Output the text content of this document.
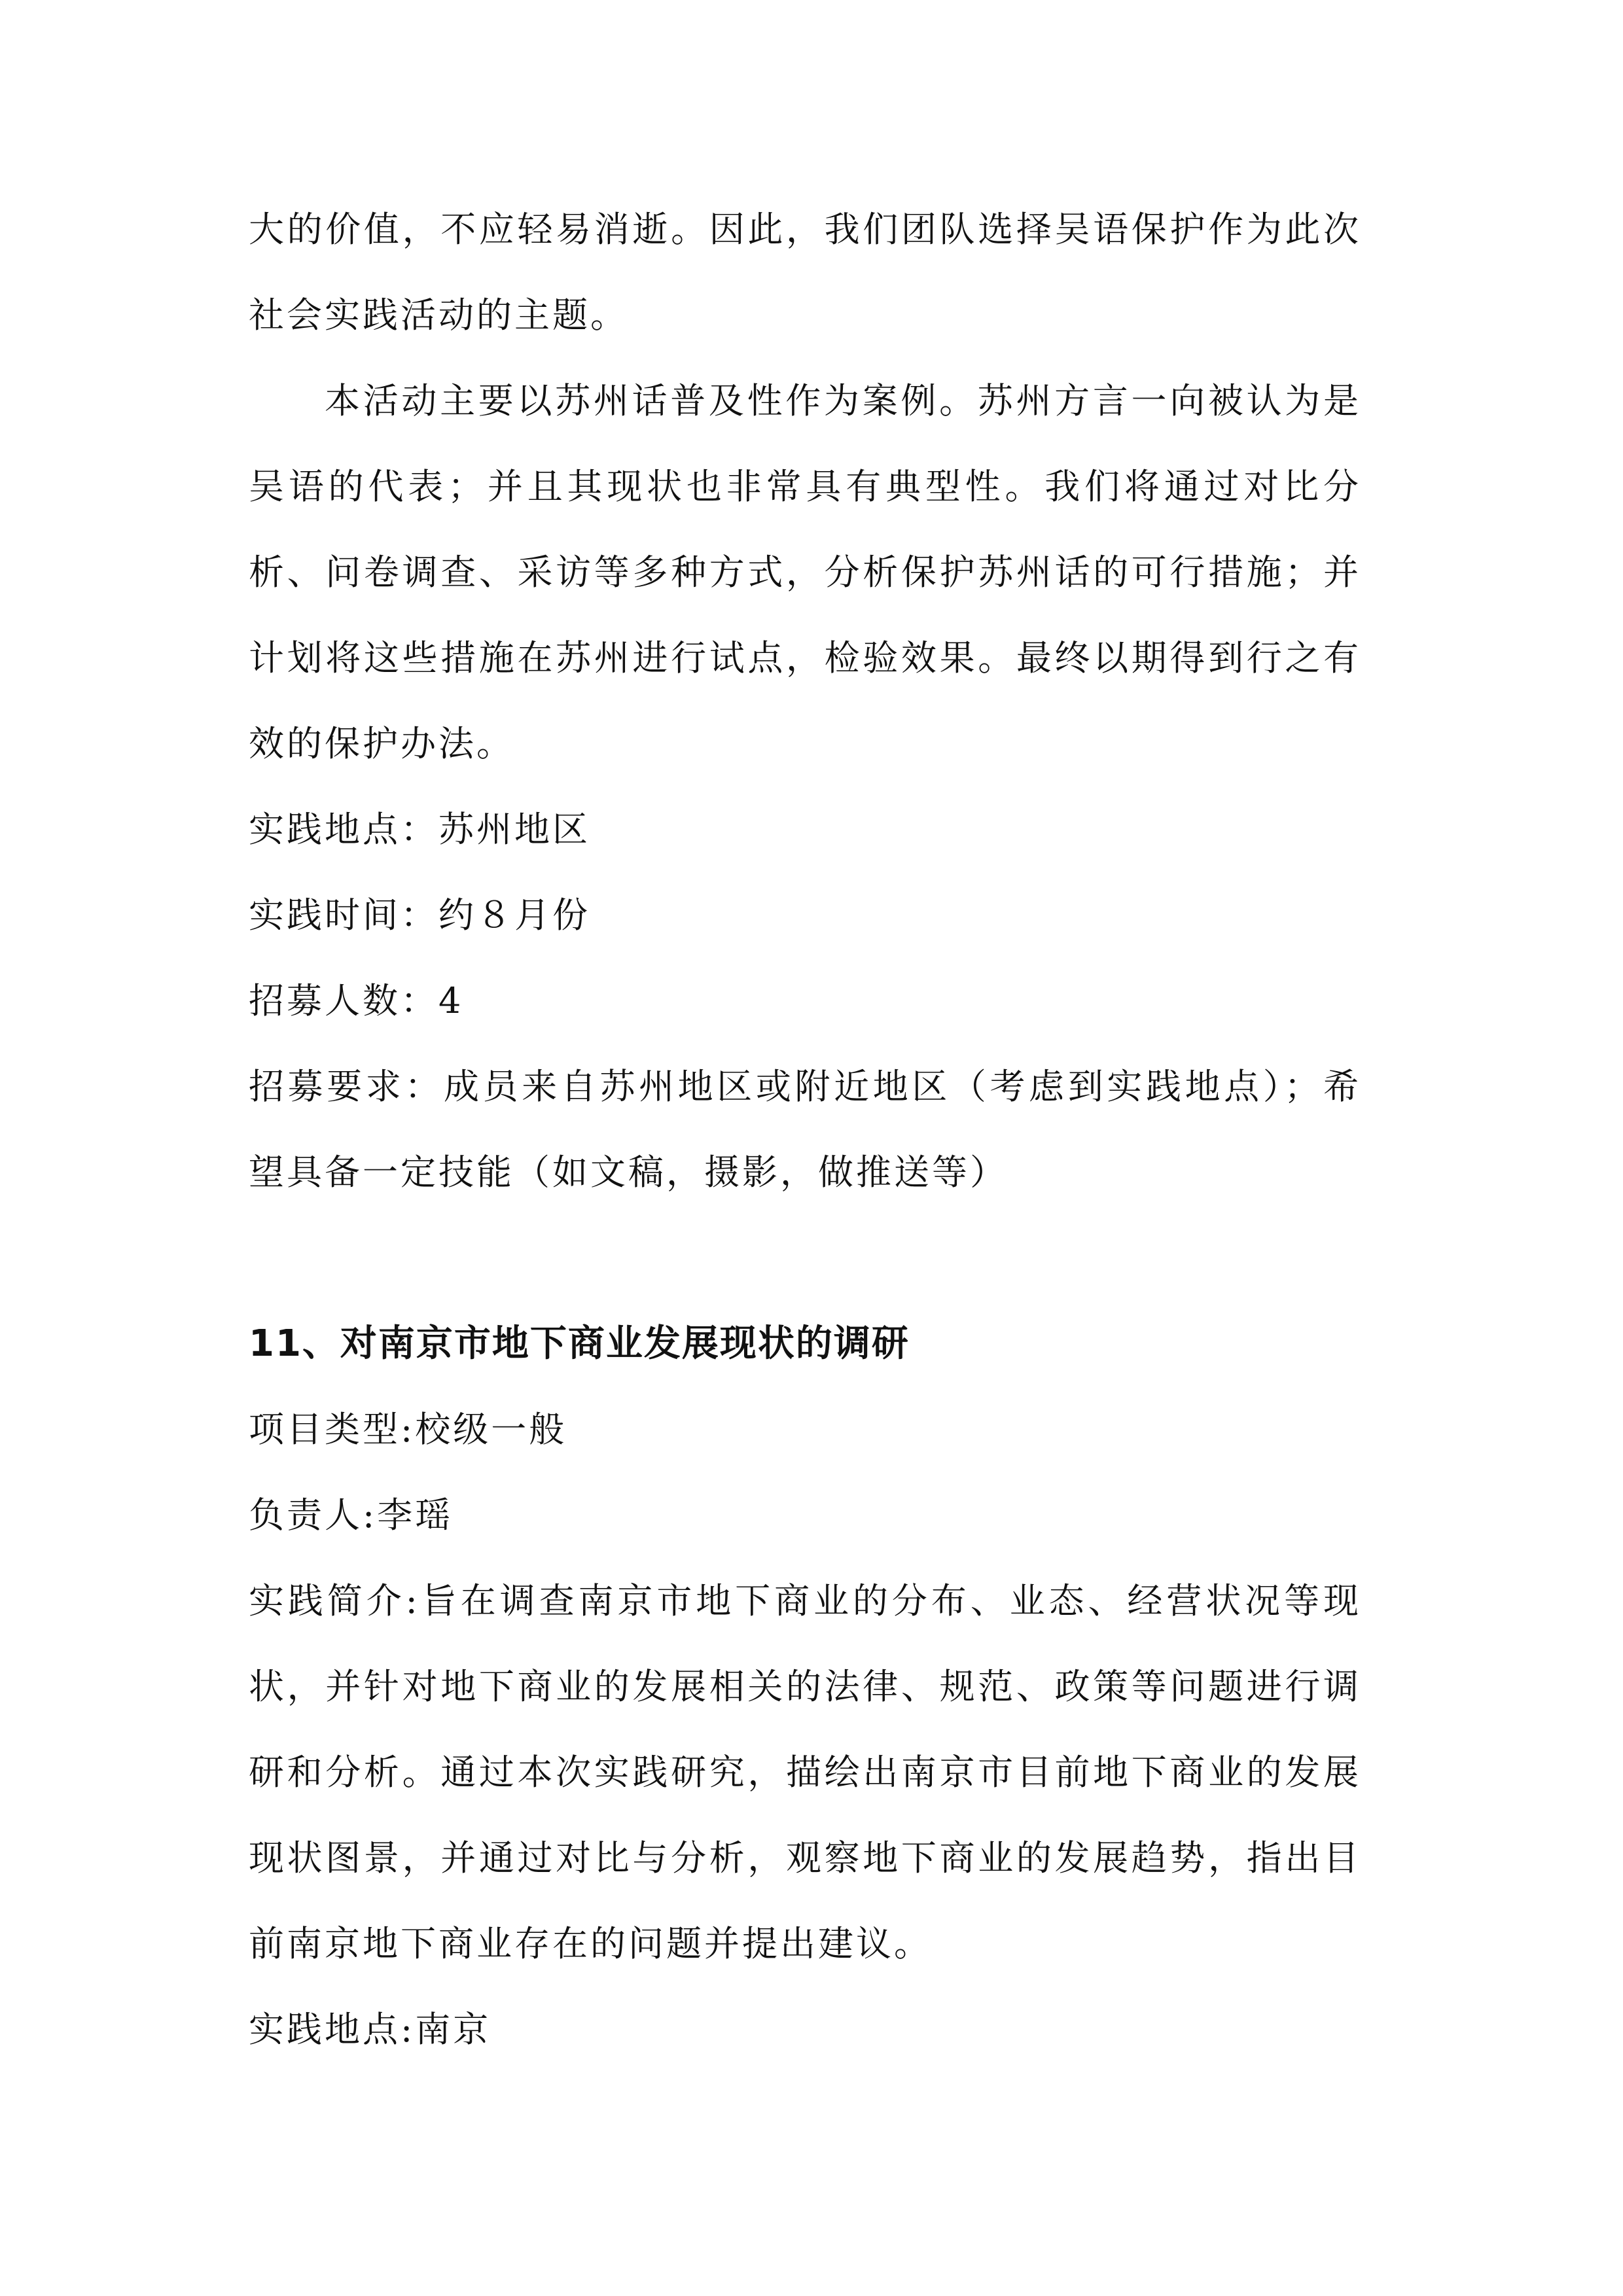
大的价值，不应轻易消逝。因此，我们团队选择吴语保护作为此次社会实践活动的主题。

本活动主要以苏州话普及性作为案例。苏州方言一向被认为是吴语的代表；并且其现状也非常具有典型性。我们将通过对比分析、问卷调查、采访等多种方式，分析保护苏州话的可行措施；并计划将这些措施在苏州进行试点，检验效果。最终以期得到行之有效的保护办法。

实践地点：苏州地区

实践时间：约８月份

招募人数：4

招募要求：成员来自苏州地区或附近地区（考虑到实践地点）；希望具备一定技能（如文稿，摄影，做推送等）

11、对南京市地下商业发展现状的调研

项目类型:校级一般

负责人:李瑶

实践简介:旨在调查南京市地下商业的分布、业态、经营状况等现状，并针对地下商业的发展相关的法律、规范、政策等问题进行调研和分析。通过本次实践研究，描绘出南京市目前地下商业的发展现状图景，并通过对比与分析，观察地下商业的发展趋势，指出目前南京地下商业存在的问题并提出建议。

实践地点:南京
